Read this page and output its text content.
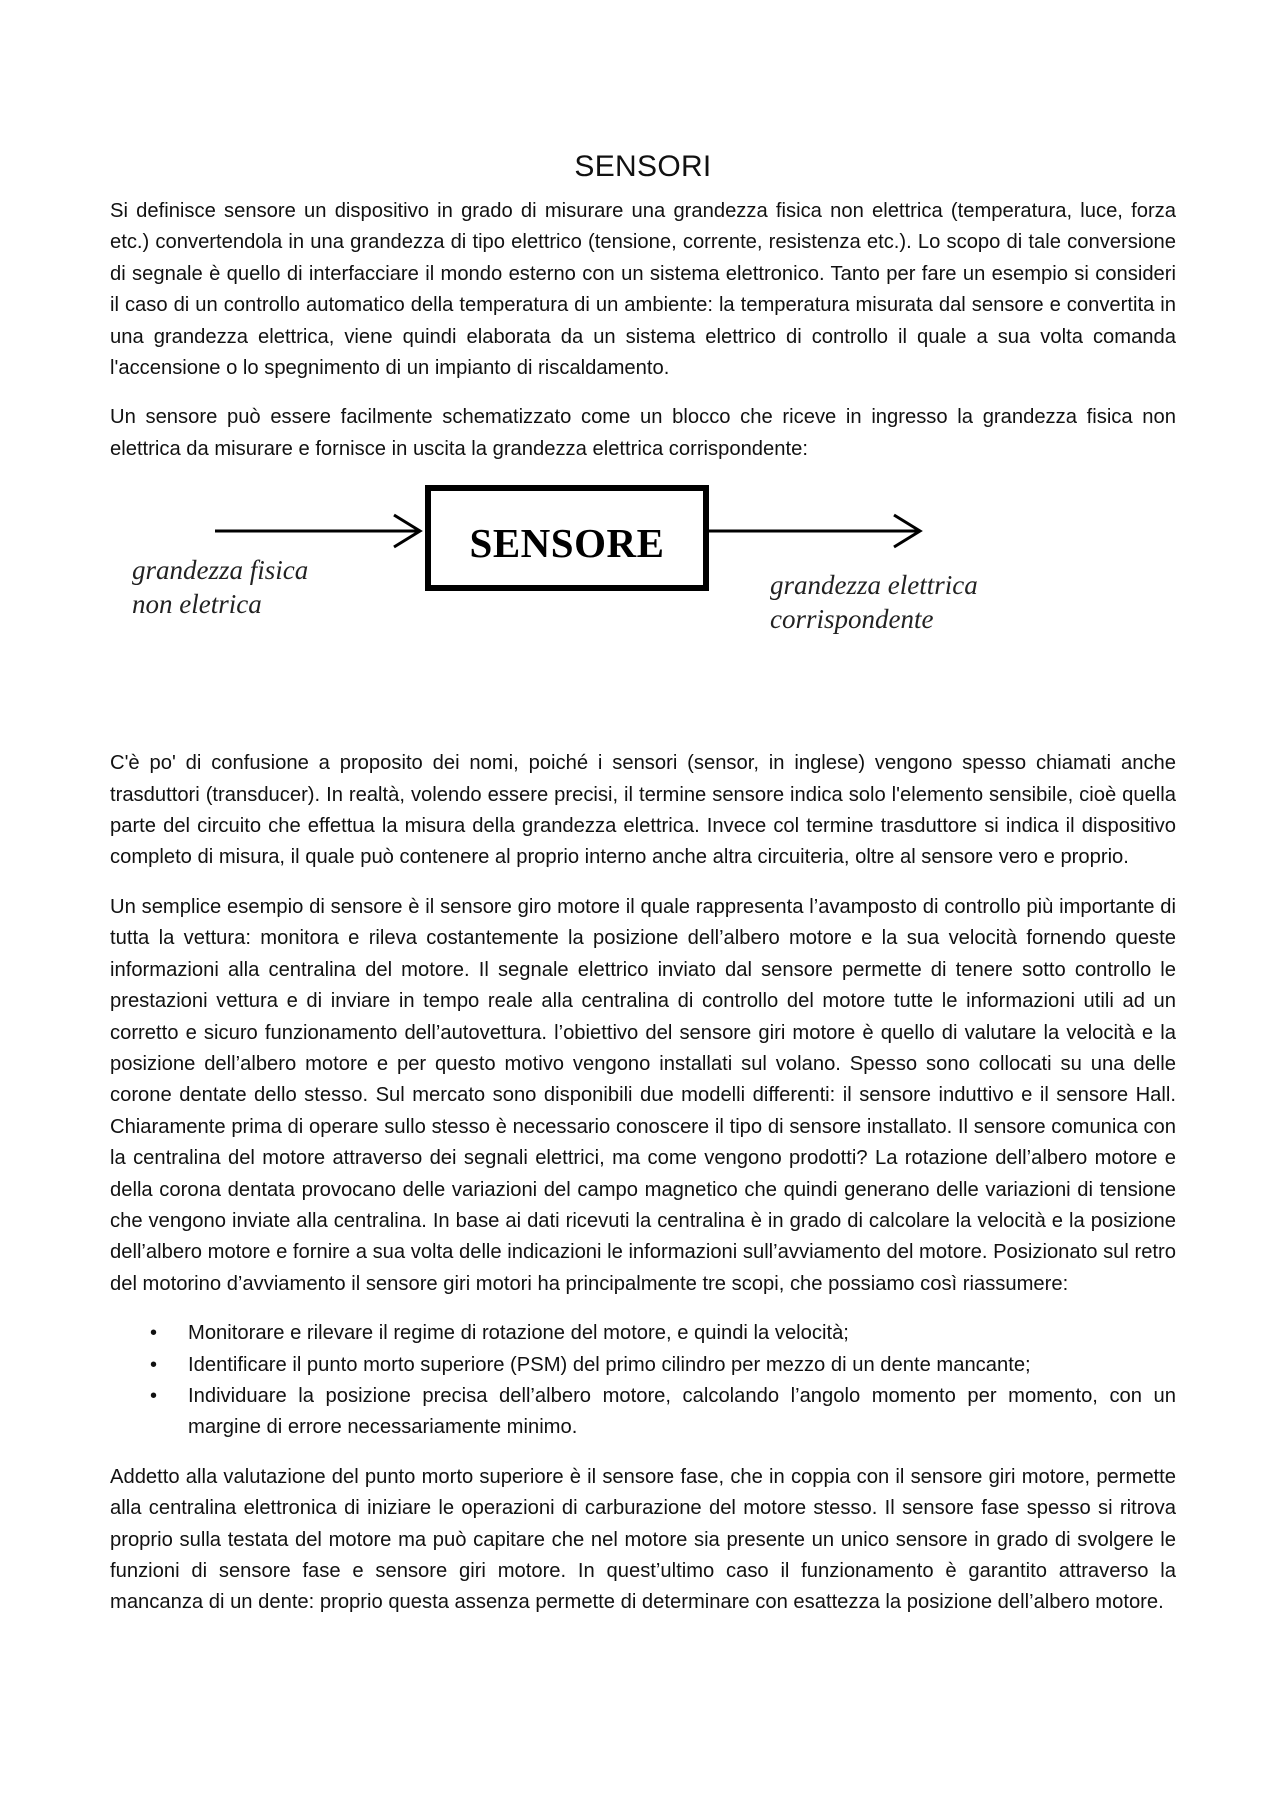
SENSORI

Si definisce sensore un dispositivo in grado di misurare una grandezza fisica non elettrica (temperatura, luce, forza etc.) convertendola in una grandezza di tipo elettrico (tensione, corrente, resistenza etc.). Lo scopo di tale conversione di segnale è quello di interfacciare il mondo esterno con un sistema elettronico. Tanto per fare un esempio si consideri il caso di un controllo automatico della temperatura di un ambiente: la temperatura misurata dal sensore e convertita in una grandezza elettrica, viene quindi elaborata da un sistema elettrico di controllo il quale a sua volta comanda l'accensione o lo spegnimento di un impianto di riscaldamento.

Un sensore può essere facilmente schematizzato come un blocco che riceve in ingresso la grandezza fisica non elettrica da misurare e fornisce in uscita la grandezza elettrica corrispondente:

SENSORE
grandezza fisica
non eletrica
grandezza elettrica
corrispondente

C'è po' di confusione a proposito dei nomi, poiché i sensori (sensor, in inglese) vengono spesso chiamati anche trasduttori (transducer). In realtà, volendo essere precisi, il termine sensore indica solo l'elemento sensibile, cioè quella parte del circuito che effettua la misura della grandezza elettrica. Invece col termine trasduttore si indica il dispositivo completo di misura, il quale può contenere al proprio interno anche altra circuiteria, oltre al sensore vero e proprio.

Un semplice esempio di sensore è il sensore giro motore il quale rappresenta l’avamposto di controllo più importante di tutta la vettura: monitora e rileva costantemente la posizione dell’albero motore e la sua velocità fornendo queste informazioni alla centralina del motore. Il segnale elettrico inviato dal sensore permette di tenere sotto controllo le prestazioni vettura e di inviare in tempo reale alla centralina di controllo del motore tutte le informazioni utili ad un corretto e sicuro funzionamento dell’autovettura. l’obiettivo del sensore giri motore è quello di valutare la velocità e la posizione dell’albero motore e per questo motivo vengono installati sul volano. Spesso sono collocati su una delle corone dentate dello stesso. Sul mercato sono disponibili due modelli differenti: il sensore induttivo e il sensore Hall. Chiaramente prima di operare sullo stesso è necessario conoscere il tipo di sensore installato. Il sensore comunica con la centralina del motore attraverso dei segnali elettrici, ma come vengono prodotti? La rotazione dell’albero motore e della corona dentata provocano delle variazioni del campo magnetico che quindi generano delle variazioni di tensione che vengono inviate alla centralina. In base ai dati ricevuti la centralina è in grado di calcolare la velocità e la posizione dell’albero motore e fornire a sua volta delle indicazioni le informazioni sull’avviamento del motore. Posizionato sul retro del motorino d’avviamento il sensore giri motori ha principalmente tre scopi, che possiamo così riassumere:

• Monitorare e rilevare il regime di rotazione del motore, e quindi la velocità;
• Identificare il punto morto superiore (PSM) del primo cilindro per mezzo di un dente mancante;
• Individuare la posizione precisa dell’albero motore, calcolando l’angolo momento per momento, con un margine di errore necessariamente minimo.

Addetto alla valutazione del punto morto superiore è il sensore fase, che in coppia con il sensore giri motore, permette alla centralina elettronica di iniziare le operazioni di carburazione del motore stesso. Il sensore fase spesso si ritrova proprio sulla testata del motore ma può capitare che nel motore sia presente un unico sensore in grado di svolgere le funzioni di sensore fase e sensore giri motore. In quest’ultimo caso il funzionamento è garantito attraverso la mancanza di un dente: proprio questa assenza permette di determinare con esattezza la posizione dell’albero motore.
